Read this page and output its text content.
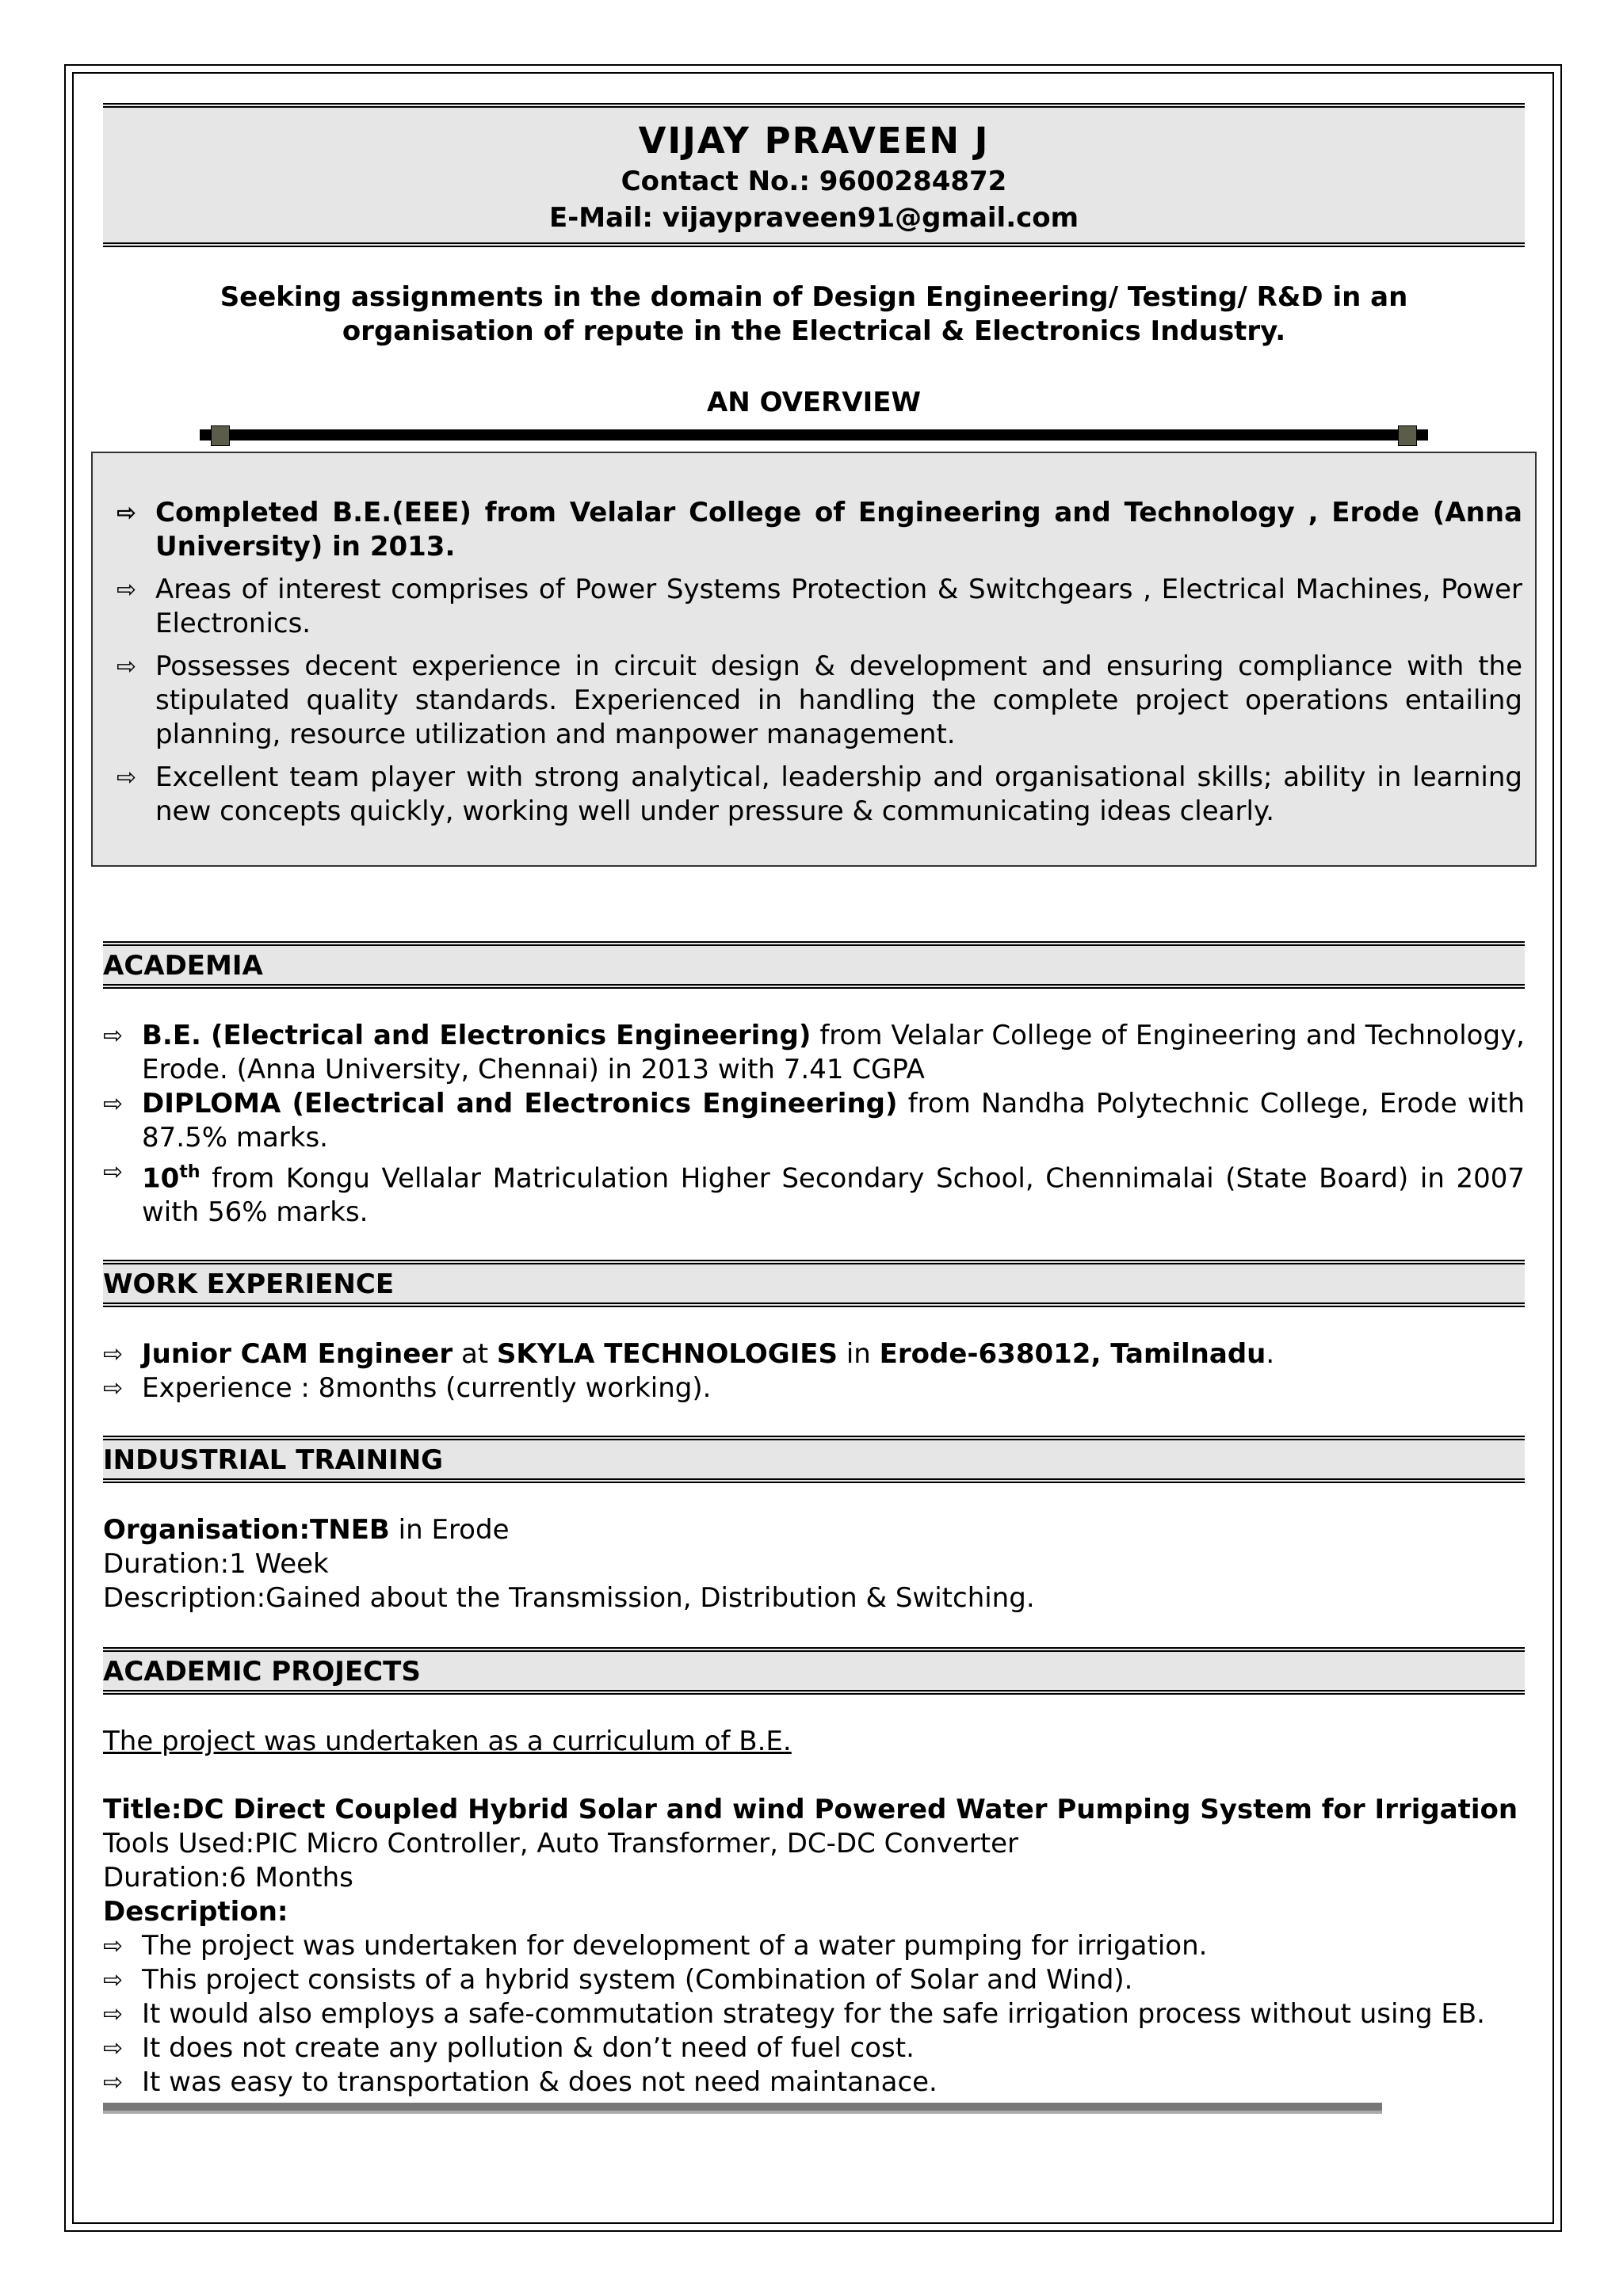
VIJAY PRAVEEN J
Contact No.: 9600284872
E-Mail: vijaypraveen91@gmail.com
Seeking assignments in the domain of Design Engineering/ Testing/ R&D in an
organisation of repute in the Electrical & Electronics Industry.
AN OVERVIEW
⇨ Completed B.E.(EEE) from Velalar College of Engineering and Technology , Erode (Anna University) in 2013.
⇨ Areas of interest comprises of Power Systems Protection & Switchgears , Electrical Machines, Power Electronics.
⇨ Possesses decent experience in circuit design & development and ensuring compliance with the stipulated quality standards. Experienced in handling the complete project operations entailing planning, resource utilization and manpower management.
⇨ Excellent team player with strong analytical, leadership and organisational skills; ability in learning new concepts quickly, working well under pressure & communicating ideas clearly.
ACADEMIA
⇨ B.E. (Electrical and Electronics Engineering) from Velalar College of Engineering and Technology, Erode. (Anna University, Chennai) in 2013 with 7.41 CGPA
⇨ DIPLOMA (Electrical and Electronics Engineering) from Nandha Polytechnic College, Erode with 87.5% marks.
⇨ 10th from Kongu Vellalar Matriculation Higher Secondary School, Chennimalai (State Board) in 2007 with 56% marks.
WORK EXPERIENCE
⇨ Junior CAM Engineer at SKYLA TECHNOLOGIES in Erode-638012, Tamilnadu.
⇨ Experience : 8months (currently working).
INDUSTRIAL TRAINING
Organisation:TNEB in Erode
Duration:1 Week
Description:Gained about the Transmission, Distribution & Switching.
ACADEMIC PROJECTS
The project was undertaken as a curriculum of B.E.
Title:DC Direct Coupled Hybrid Solar and wind Powered Water Pumping System for Irrigation
Tools Used:PIC Micro Controller, Auto Transformer, DC-DC Converter
Duration:6 Months
Description:
⇨ The project was undertaken for development of a water pumping for irrigation.
⇨ This project consists of a hybrid system (Combination of Solar and Wind).
⇨ It would also employs a safe-commutation strategy for the safe irrigation process without using EB.
⇨ It does not create any pollution & don’t need of fuel cost.
⇨ It was easy to transportation & does not need maintanace.
